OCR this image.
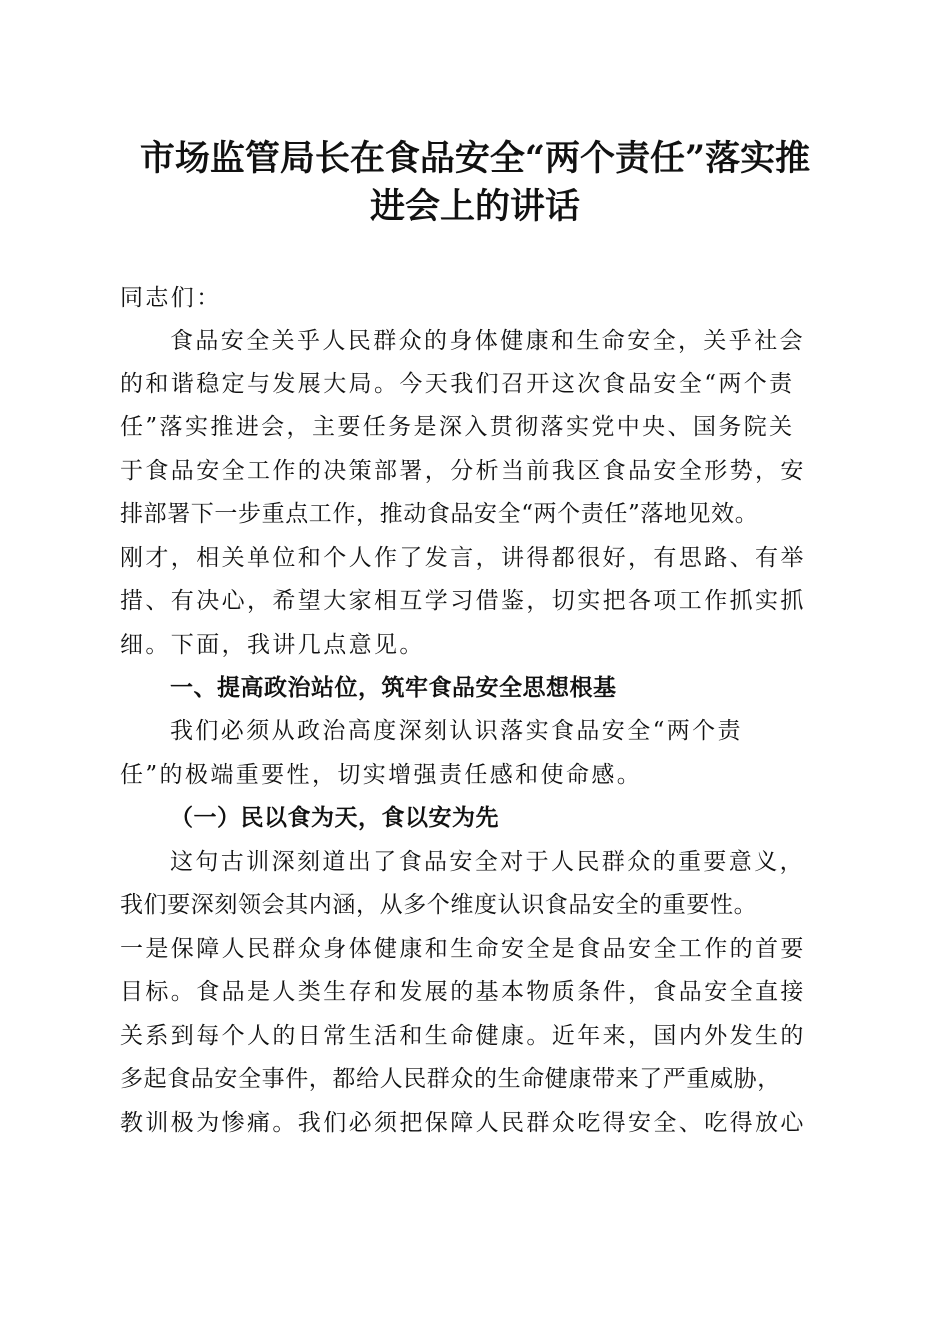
市场监管局长在食品安全“两个责任”落实推
进会上的讲话
同志们：
食品安全关乎人民群众的身体健康和生命安全，关乎社会
的和谐稳定与发展大局。今天我们召开这次食品安全“两个责
任”落实推进会，主要任务是深入贯彻落实党中央、国务院关
于食品安全工作的决策部署，分析当前我区食品安全形势，安
排部署下一步重点工作，推动食品安全“两个责任”落地见效。
刚才，相关单位和个人作了发言，讲得都很好，有思路、有举
措、有决心，希望大家相互学习借鉴，切实把各项工作抓实抓
细。下面，我讲几点意见。
一、提高政治站位，筑牢食品安全思想根基
我们必须从政治高度深刻认识落实食品安全“两个责
任”的极端重要性，切实增强责任感和使命感。
（一）民以食为天，食以安为先
这句古训深刻道出了食品安全对于人民群众的重要意义，
我们要深刻领会其内涵，从多个维度认识食品安全的重要性。
一是保障人民群众身体健康和生命安全是食品安全工作的首要
目标。食品是人类生存和发展的基本物质条件，食品安全直接
关系到每个人的日常生活和生命健康。近年来，国内外发生的
多起食品安全事件，都给人民群众的生命健康带来了严重威胁，
教训极为惨痛。我们必须把保障人民群众吃得安全、吃得放心
